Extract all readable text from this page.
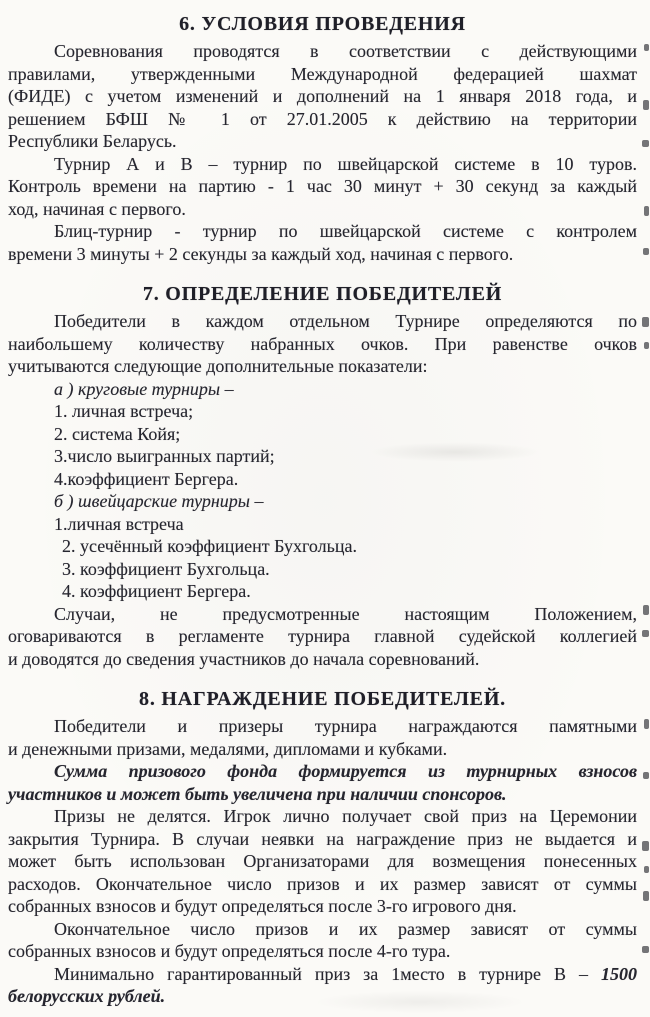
6. УСЛОВИЯ ПРОВЕДЕНИЯ
Соревнования проводятся в соответствии с действующими
правилами, утвержденными Международной федерацией шахмат
(ФИДЕ) с учетом изменений и дополнений на 1 января 2018 года, и
решением БФШ № 1 от 27.01.2005 к действию на территории
Республики Беларусь.
Турнир А и В – турнир по швейцарской системе в 10 туров.
Контроль времени на партию - 1 час 30 минут + 30 секунд за каждый
ход, начиная с первого.
Блиц-турнир - турнир по швейцарской системе с контролем
времени 3 минуты + 2 секунды за каждый ход, начиная с первого.
7. ОПРЕДЕЛЕНИЕ ПОБЕДИТЕЛЕЙ
Победители в каждом отдельном Турнире определяются по
наибольшему количеству набранных очков. При равенстве очков
учитываются следующие дополнительные показатели:
а ) круговые турниры –
1. личная встреча;
2. система Койя;
3.число выигранных партий;
4.коэффициент Бергера.
б ) швейцарские турниры –
1.личная встреча
2. усечённый коэффициент Бухгольца.
3. коэффициент Бухгольца.
4. коэффициент Бергера.
Случаи, не предусмотренные настоящим Положением,
оговариваются в регламенте турнира главной судейской коллегией
и доводятся до сведения участников до начала соревнований.
8. НАГРАЖДЕНИЕ ПОБЕДИТЕЛЕЙ.
Победители и призеры турнира награждаются памятными
и денежными призами, медалями, дипломами и кубками.
Сумма призового фонда формируется из турнирных взносов
участников и может быть увеличена при наличии спонсоров.
Призы не делятся. Игрок лично получает свой приз на Церемонии
закрытия Турнира. В случаи неявки на награждение приз не выдается и
может быть использован Организаторами для возмещения понесенных
расходов. Окончательное число призов и их размер зависят от суммы
собранных взносов и будут определяться после 3-го игрового дня.
Окончательное число призов и их размер зависят от суммы
собранных взносов и будут определяться после 4-го тура.
Минимально гарантированный приз за 1место в турнире В – 1500
белорусских рублей.
